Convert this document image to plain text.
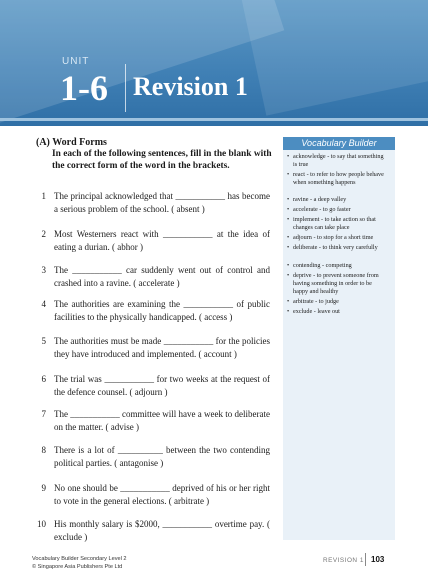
UNIT
1-6 Revision 1
(A) Word Forms
In each of the following sentences, fill in the blank with the correct form of the word in the brackets.
1 The principal acknowledged that ___________ has become a serious problem of the school. ( absent )
2 Most Westerners react with ___________ at the idea of eating a durian. ( abhor )
3 The ___________ car suddenly went out of control and crashed into a ravine. ( accelerate )
4 The authorities are examining the ___________ of public facilities to the physically handicapped. ( access )
5 The authorities must be made ___________ for the policies they have introduced and implemented. ( account )
6 The trial was ___________ for two weeks at the request of the defence counsel. ( adjourn )
7 The ___________ committee will have a week to deliberate on the matter. ( advise )
8 There is a lot of __________ between the two contending political parties. ( antagonise )
9 No one should be ___________ deprived of his or her right to vote in the general elections. ( arbitrate )
10 His monthly salary is $2000, ___________ overtime pay. ( exclude )
Vocabulary Builder
• acknowledge - to say that something is true
• react - to refer to how people behave when something happens
• ravine - a deep valley
• accelerate - to go faster
• implement - to take action so that changes can take place
• adjourn - to stop for a short time
• deliberate - to think very carefully
• contending - competing
• deprive - to prevent someone from having something in order to be happy and healthy
• arbitrate - to judge
• exclude - leave out
Vocabulary Builder Secondary Level 2
© Singapore Asia Publishers Pte Ltd
REVISION 1 103
